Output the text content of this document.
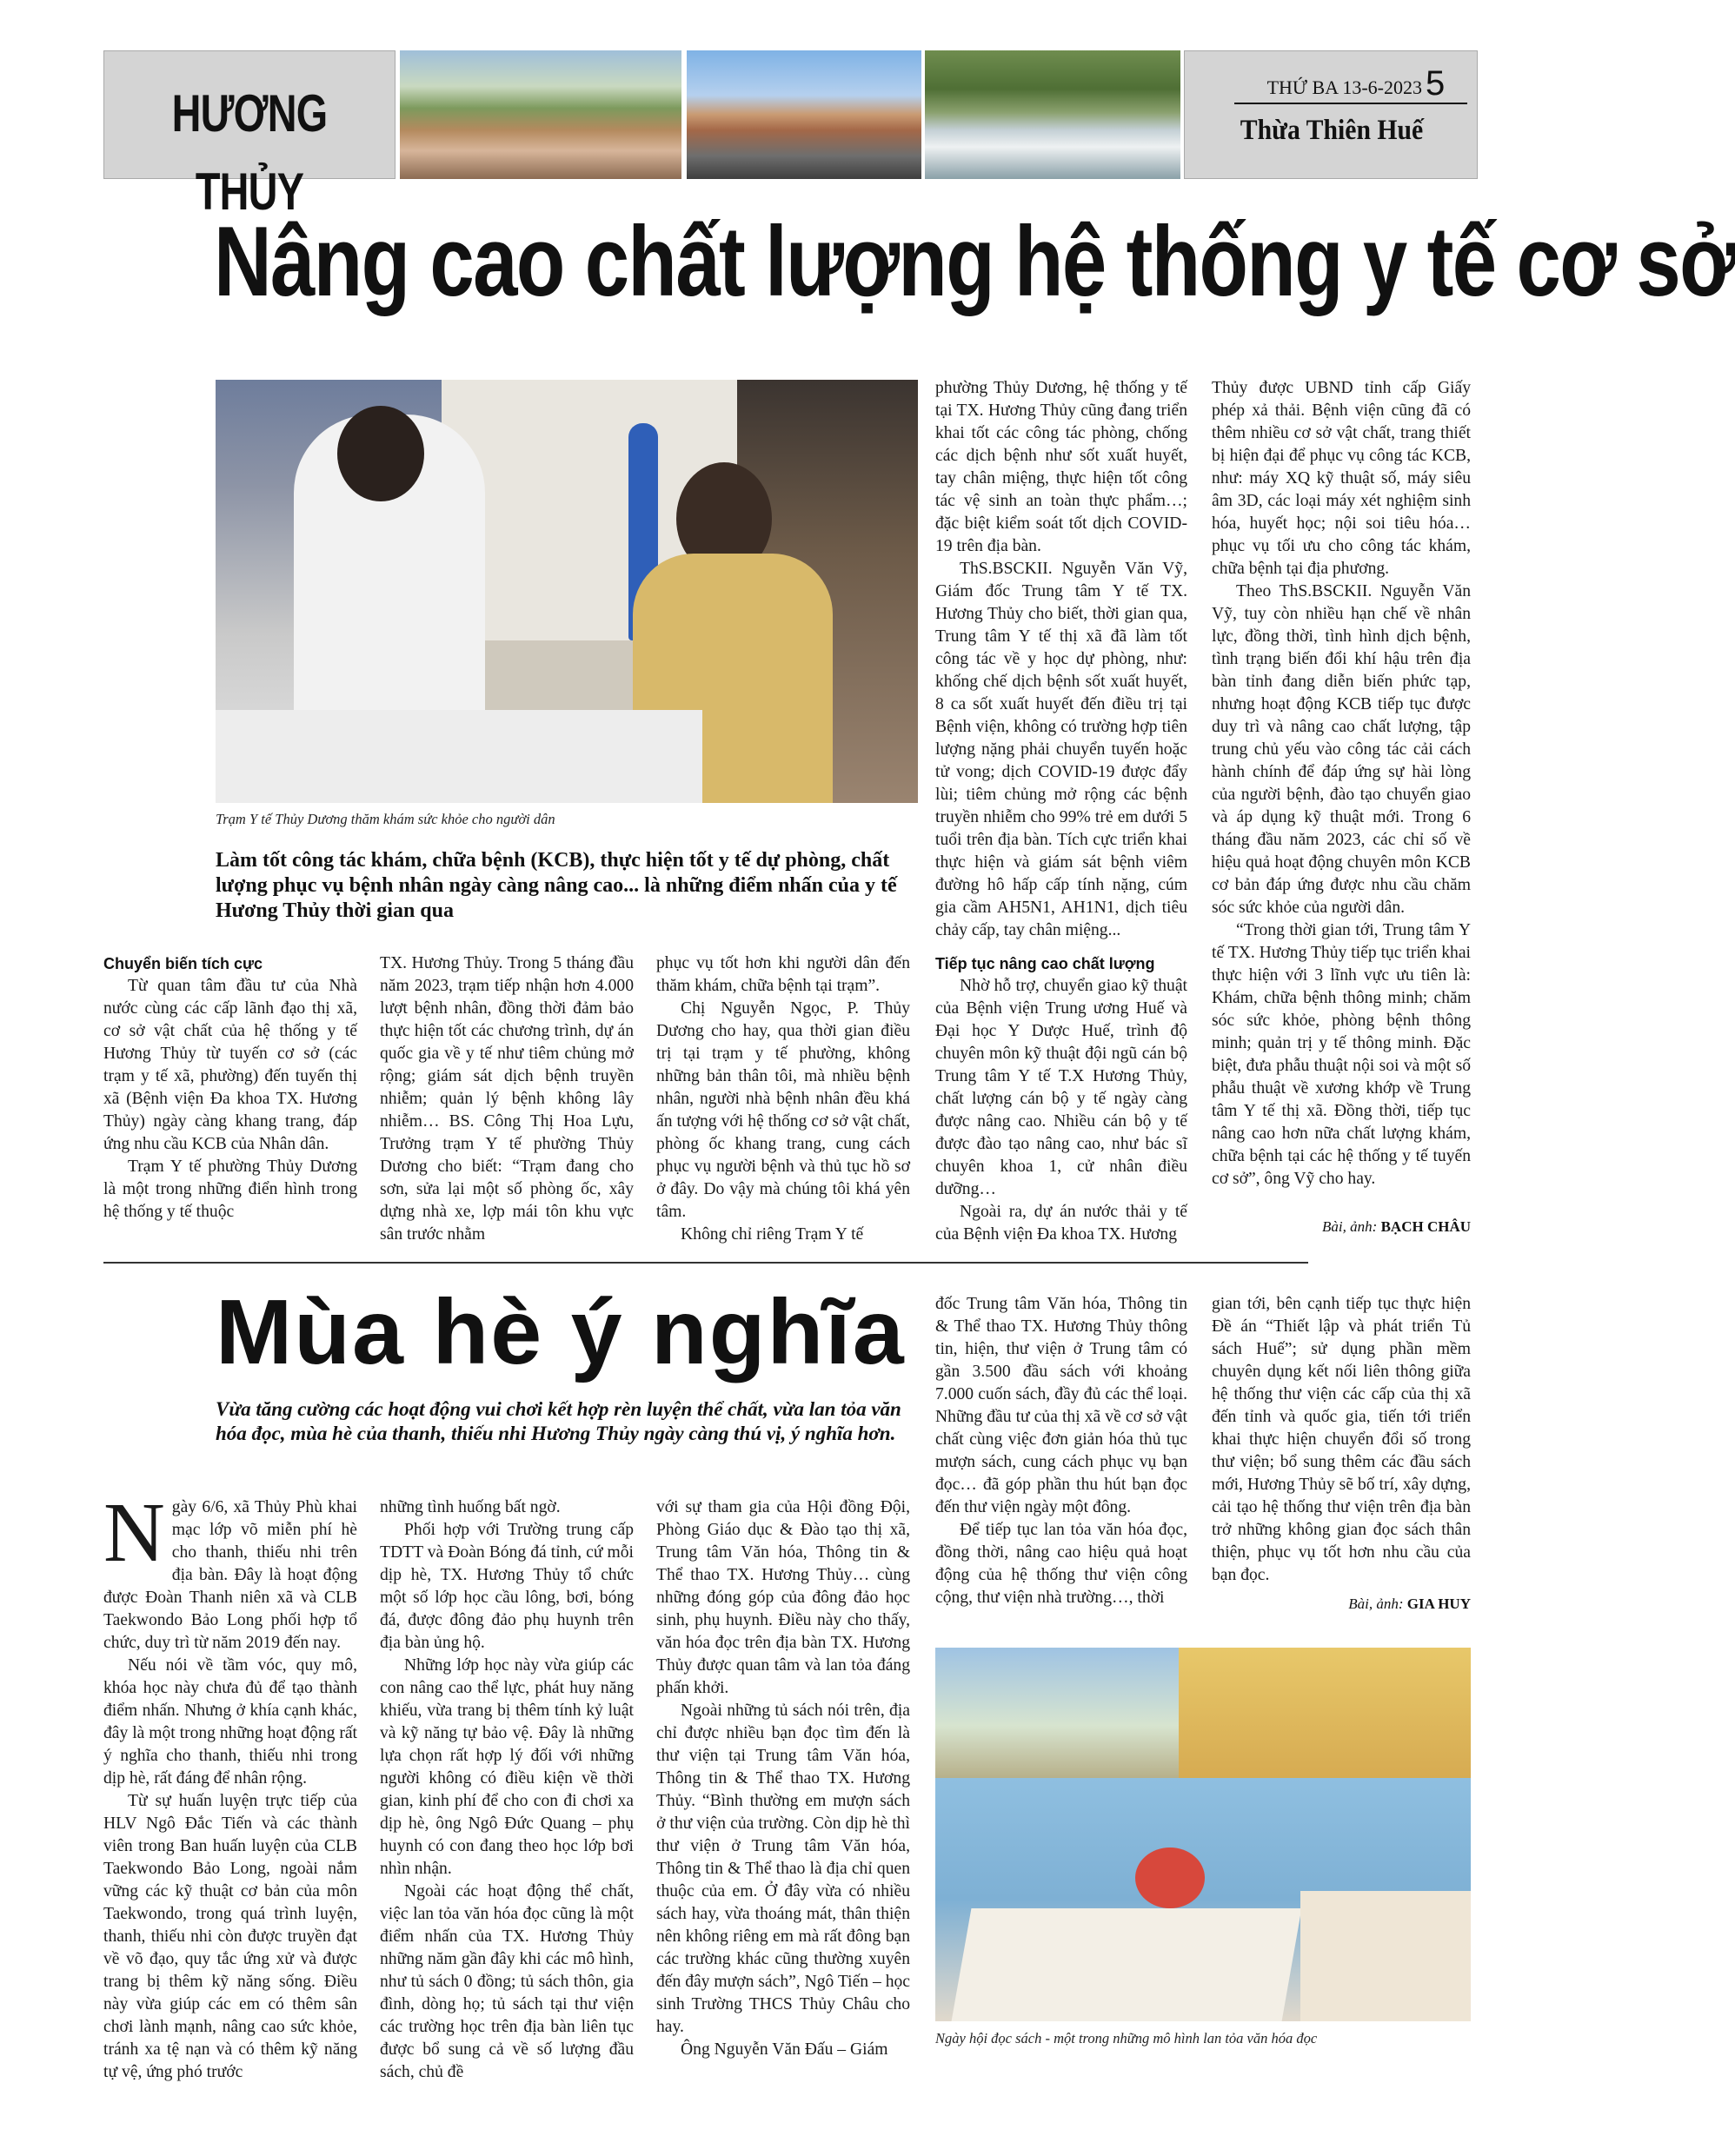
HƯƠNG THỦY
THỨ BA 13-6-2023 5
Thừa Thiên Huế
Nâng cao chất lượng hệ thống y tế cơ sở
Trạm Y tế Thủy Dương thăm khám sức khỏe cho người dân
Làm tốt công tác khám, chữa bệnh (KCB), thực hiện tốt y tế dự phòng, chất lượng phục vụ bệnh nhân ngày càng nâng cao... là những điểm nhấn của y tế Hương Thủy thời gian qua

phường Thủy Dương, hệ thống y tế tại TX. Hương Thủy cũng đang triển khai tốt các công tác phòng, chống các dịch bệnh như sốt xuất huyết, tay chân miệng, thực hiện tốt công tác vệ sinh an toàn thực phẩm…; đặc biệt kiểm soát tốt dịch COVID-19 trên địa bàn.

ThS.BSCKII. Nguyễn Văn Vỹ, Giám đốc Trung tâm Y tế TX. Hương Thủy cho biết, thời gian qua, Trung tâm Y tế thị xã đã làm tốt công tác về y học dự phòng, như: khống chế dịch bệnh sốt xuất huyết, 8 ca sốt xuất huyết đến điều trị tại Bệnh viện, không có trường hợp tiên lượng nặng phải chuyển tuyến hoặc tử vong; dịch COVID-19 được đẩy lùi; tiêm chủng mở rộng các bệnh truyền nhiễm cho 99% trẻ em dưới 5 tuổi trên địa bàn. Tích cực triển khai thực hiện và giám sát bệnh viêm đường hô hấp cấp tính nặng, cúm gia cầm AH5N1, AH1N1, dịch tiêu chảy cấp, tay chân miệng...

Thủy được UBND tỉnh cấp Giấy phép xả thải. Bệnh viện cũng đã có thêm nhiều cơ sở vật chất, trang thiết bị hiện đại để phục vụ công tác KCB, như: máy XQ kỹ thuật số, máy siêu âm 3D, các loại máy xét nghiệm sinh hóa, huyết học; nội soi tiêu hóa… phục vụ tối ưu cho công tác khám, chữa bệnh tại địa phương.

Theo ThS.BSCKII. Nguyễn Văn Vỹ, tuy còn nhiều hạn chế về nhân lực, đồng thời, tình hình dịch bệnh, tình trạng biến đổi khí hậu trên địa bàn tỉnh đang diễn biến phức tạp, nhưng hoạt động KCB tiếp tục được duy trì và nâng cao chất lượng, tập trung chủ yếu vào công tác cải cách hành chính để đáp ứng sự hài lòng của người bệnh, đào tạo chuyển giao và áp dụng kỹ thuật mới. Trong 6 tháng đầu năm 2023, các chỉ số về hiệu quả hoạt động chuyên môn KCB cơ bản đáp ứng được nhu cầu chăm sóc sức khỏe của người dân.

“Trong thời gian tới, Trung tâm Y tế TX. Hương Thủy tiếp tục triển khai thực hiện với 3 lĩnh vực ưu tiên là: Khám, chữa bệnh thông minh; chăm sóc sức khỏe, phòng bệnh thông minh; quản trị y tế thông minh. Đặc biệt, đưa phẫu thuật nội soi và một số phẫu thuật về xương khớp về Trung tâm Y tế thị xã. Đồng thời, tiếp tục nâng cao hơn nữa chất lượng khám, chữa bệnh tại các hệ thống y tế tuyến cơ sở”, ông Vỹ cho hay.

Chuyển biến tích cực

Từ quan tâm đầu tư của Nhà nước cùng các cấp lãnh đạo thị xã, cơ sở vật chất của hệ thống y tế Hương Thủy từ tuyến cơ sở (các trạm y tế xã, phường) đến tuyến thị xã (Bệnh viện Đa khoa TX. Hương Thủy) ngày càng khang trang, đáp ứng nhu cầu KCB của Nhân dân.

Trạm Y tế phường Thủy Dương là một trong những điển hình trong hệ thống y tế thuộc

TX. Hương Thủy. Trong 5 tháng đầu năm 2023, trạm tiếp nhận hơn 4.000 lượt bệnh nhân, đồng thời đảm bảo thực hiện tốt các chương trình, dự án quốc gia về y tế như tiêm chủng mở rộng; giám sát dịch bệnh truyền nhiễm; quản lý bệnh không lây nhiễm… BS. Công Thị Hoa Lựu, Trưởng trạm Y tế phường Thủy Dương cho biết: “Trạm đang cho sơn, sửa lại một số phòng ốc, xây dựng nhà xe, lợp mái tôn khu vực sân trước nhằm

phục vụ tốt hơn khi người dân đến thăm khám, chữa bệnh tại trạm”.

Chị Nguyễn Ngọc, P. Thủy Dương cho hay, qua thời gian điều trị tại trạm y tế phường, không những bản thân tôi, mà nhiều bệnh nhân, người nhà bệnh nhân đều khá ấn tượng với hệ thống cơ sở vật chất, phòng ốc khang trang, cung cách phục vụ người bệnh và thủ tục hồ sơ ở đây. Do vậy mà chúng tôi khá yên tâm.

Không chỉ riêng Trạm Y tế

Tiếp tục nâng cao chất lượng

Nhờ hỗ trợ, chuyển giao kỹ thuật của Bệnh viện Trung ương Huế và Đại học Y Dược Huế, trình độ chuyên môn kỹ thuật đội ngũ cán bộ Trung tâm Y tế T.X Hương Thủy, chất lượng cán bộ y tế ngày càng được nâng cao. Nhiều cán bộ y tế được đào tạo nâng cao, như bác sĩ chuyên khoa 1, cử nhân điều dưỡng…

Ngoài ra, dự án nước thải y tế của Bệnh viện Đa khoa TX. Hương	Bài, ảnh: BẠCH CHÂU
Mùa hè ý nghĩa
Vừa tăng cường các hoạt động vui chơi kết hợp rèn luyện thể chất, vừa lan tỏa văn hóa đọc, mùa hè của thanh, thiếu nhi Hương Thủy ngày càng thú vị, ý nghĩa hơn.

Ngày 6/6, xã Thủy Phù khai mạc lớp võ miễn phí hè cho thanh, thiếu nhi trên địa bàn. Đây là hoạt động được Đoàn Thanh niên xã và CLB Taekwondo Bảo Long phối hợp tổ chức, duy trì từ năm 2019 đến nay.

Nếu nói về tầm vóc, quy mô, khóa học này chưa đủ để tạo thành điểm nhấn. Nhưng ở khía cạnh khác, đây là một trong những hoạt động rất ý nghĩa cho thanh, thiếu nhi trong dịp hè, rất đáng để nhân rộng.

Từ sự huấn luyện trực tiếp của HLV Ngô Đắc Tiến và các thành viên trong Ban huấn luyện của CLB Taekwondo Bảo Long, ngoài nắm vững các kỹ thuật cơ bản của môn Taekwondo, trong quá trình luyện, thanh, thiếu nhi còn được truyền đạt về võ đạo, quy tắc ứng xử và được trang bị thêm kỹ năng sống. Điều này vừa giúp các em có thêm sân chơi lành mạnh, nâng cao sức khỏe, tránh xa tệ nạn và có thêm kỹ năng tự vệ, ứng phó trước

những tình huống bất ngờ.

Phối hợp với Trường trung cấp TDTT và Đoàn Bóng đá tỉnh, cứ mỗi dịp hè, TX. Hương Thủy tổ chức một số lớp học cầu lông, bơi, bóng đá, được đông đảo phụ huynh trên địa bàn ủng hộ.

Những lớp học này vừa giúp các con nâng cao thể lực, phát huy năng khiếu, vừa trang bị thêm tính kỷ luật và kỹ năng tự bảo vệ. Đây là những lựa chọn rất hợp lý đối với những người không có điều kiện về thời gian, kinh phí để cho con đi chơi xa dịp hè, ông Ngô Đức Quang – phụ huynh có con đang theo học lớp bơi nhìn nhận.

Ngoài các hoạt động thể chất, việc lan tỏa văn hóa đọc cũng là một điểm nhấn của TX. Hương Thủy những năm gần đây khi các mô hình, như tủ sách 0 đồng; tủ sách thôn, gia đình, dòng họ; tủ sách tại thư viện các trường học trên địa bàn liên tục được bổ sung cả về số lượng đầu sách, chủ đề

với sự tham gia của Hội đồng Đội, Phòng Giáo dục & Đào tạo thị xã, Trung tâm Văn hóa, Thông tin & Thể thao TX. Hương Thủy… cùng những đóng góp của đông đảo học sinh, phụ huynh. Điều này cho thấy, văn hóa đọc trên địa bàn TX. Hương Thủy được quan tâm và lan tỏa đáng phấn khởi.

Ngoài những tủ sách nói trên, địa chỉ được nhiều bạn đọc tìm đến là thư viện tại Trung tâm Văn hóa, Thông tin & Thể thao TX. Hương Thủy. “Bình thường em mượn sách ở thư viện của trường. Còn dịp hè thì thư viện ở Trung tâm Văn hóa, Thông tin & Thể thao là địa chỉ quen thuộc của em. Ở đây vừa có nhiều sách hay, vừa thoáng mát, thân thiện nên không riêng em mà rất đông bạn các trường khác cũng thường xuyên đến đây mượn sách”, Ngô Tiến – học sinh Trường THCS Thủy Châu cho hay.

Ông Nguyễn Văn Đấu – Giám

đốc Trung tâm Văn hóa, Thông tin & Thể thao TX. Hương Thủy thông tin, hiện, thư viện ở Trung tâm có gần 3.500 đầu sách với khoảng 7.000 cuốn sách, đầy đủ các thể loại. Những đầu tư của thị xã về cơ sở vật chất cùng việc đơn giản hóa thủ tục mượn sách, cung cách phục vụ bạn đọc… đã góp phần thu hút bạn đọc đến thư viện ngày một đông.

Để tiếp tục lan tỏa văn hóa đọc, đồng thời, nâng cao hiệu quả hoạt động của hệ thống thư viện công cộng, thư viện nhà trường…, thời

gian tới, bên cạnh tiếp tục thực hiện Đề án “Thiết lập và phát triển Tủ sách Huế”; sử dụng phần mềm chuyên dụng kết nối liên thông giữa hệ thống thư viện các cấp của thị xã đến tỉnh và quốc gia, tiến tới triển khai thực hiện chuyển đổi số trong thư viện; bổ sung thêm các đầu sách mới, Hương Thủy sẽ bố trí, xây dựng, cải tạo hệ thống thư viện trên địa bàn trở những không gian đọc sách thân thiện, phục vụ tốt hơn nhu cầu của bạn đọc.

Bài, ảnh: GIA HUY
Ngày hội đọc sách - một trong những mô hình lan tỏa văn hóa đọc
